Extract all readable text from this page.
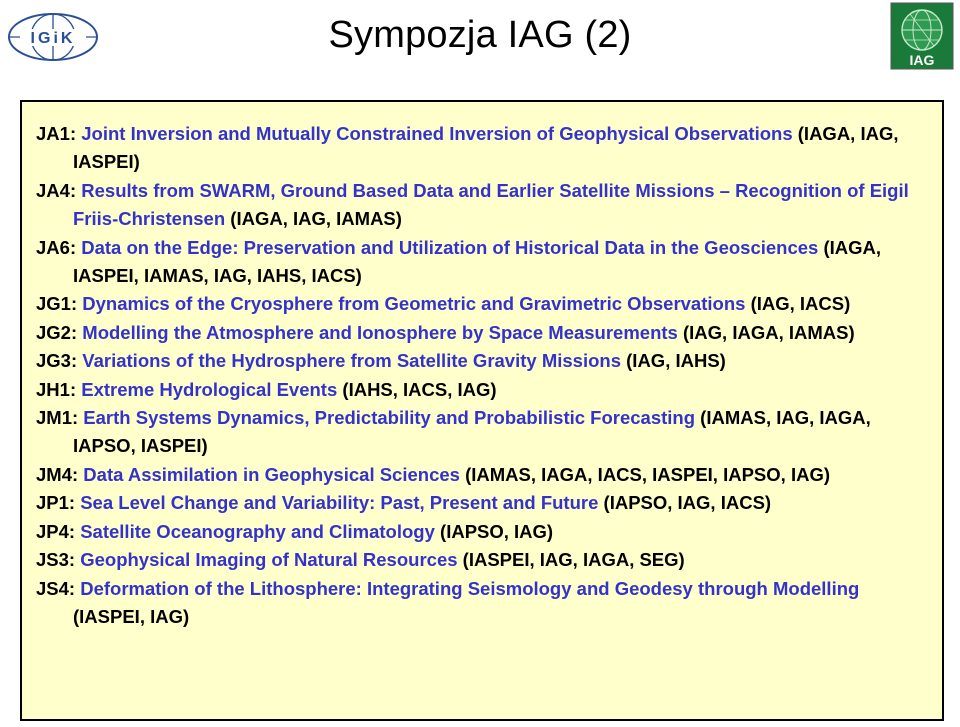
IGiK
IAG
Sympozja IAG (2)
JA1: Joint Inversion and Mutually Constrained Inversion of Geophysical Observations (IAGA, IAG, IASPEI)
JA4: Results from SWARM, Ground Based Data and Earlier Satellite Missions – Recognition of Eigil Friis-Christensen (IAGA, IAG, IAMAS)
JA6: Data on the Edge: Preservation and Utilization of Historical Data in the Geosciences (IAGA, IASPEI, IAMAS, IAG, IAHS, IACS)
JG1: Dynamics of the Cryosphere from Geometric and Gravimetric Observations (IAG, IACS)
JG2: Modelling the Atmosphere and Ionosphere by Space Measurements (IAG, IAGA, IAMAS)
JG3: Variations of the Hydrosphere from Satellite Gravity Missions (IAG, IAHS)
JH1: Extreme Hydrological Events (IAHS, IACS, IAG)
JM1: Earth Systems Dynamics, Predictability and Probabilistic Forecasting (IAMAS, IAG, IAGA, IAPSO, IASPEI)
JM4: Data Assimilation in Geophysical Sciences (IAMAS, IAGA, IACS, IASPEI, IAPSO, IAG)
JP1: Sea Level Change and Variability: Past, Present and Future (IAPSO, IAG, IACS)
JP4: Satellite Oceanography and Climatology (IAPSO, IAG)
JS3: Geophysical Imaging of Natural Resources (IASPEI, IAG, IAGA, SEG)
JS4: Deformation of the Lithosphere: Integrating Seismology and Geodesy through Modelling (IASPEI, IAG)
